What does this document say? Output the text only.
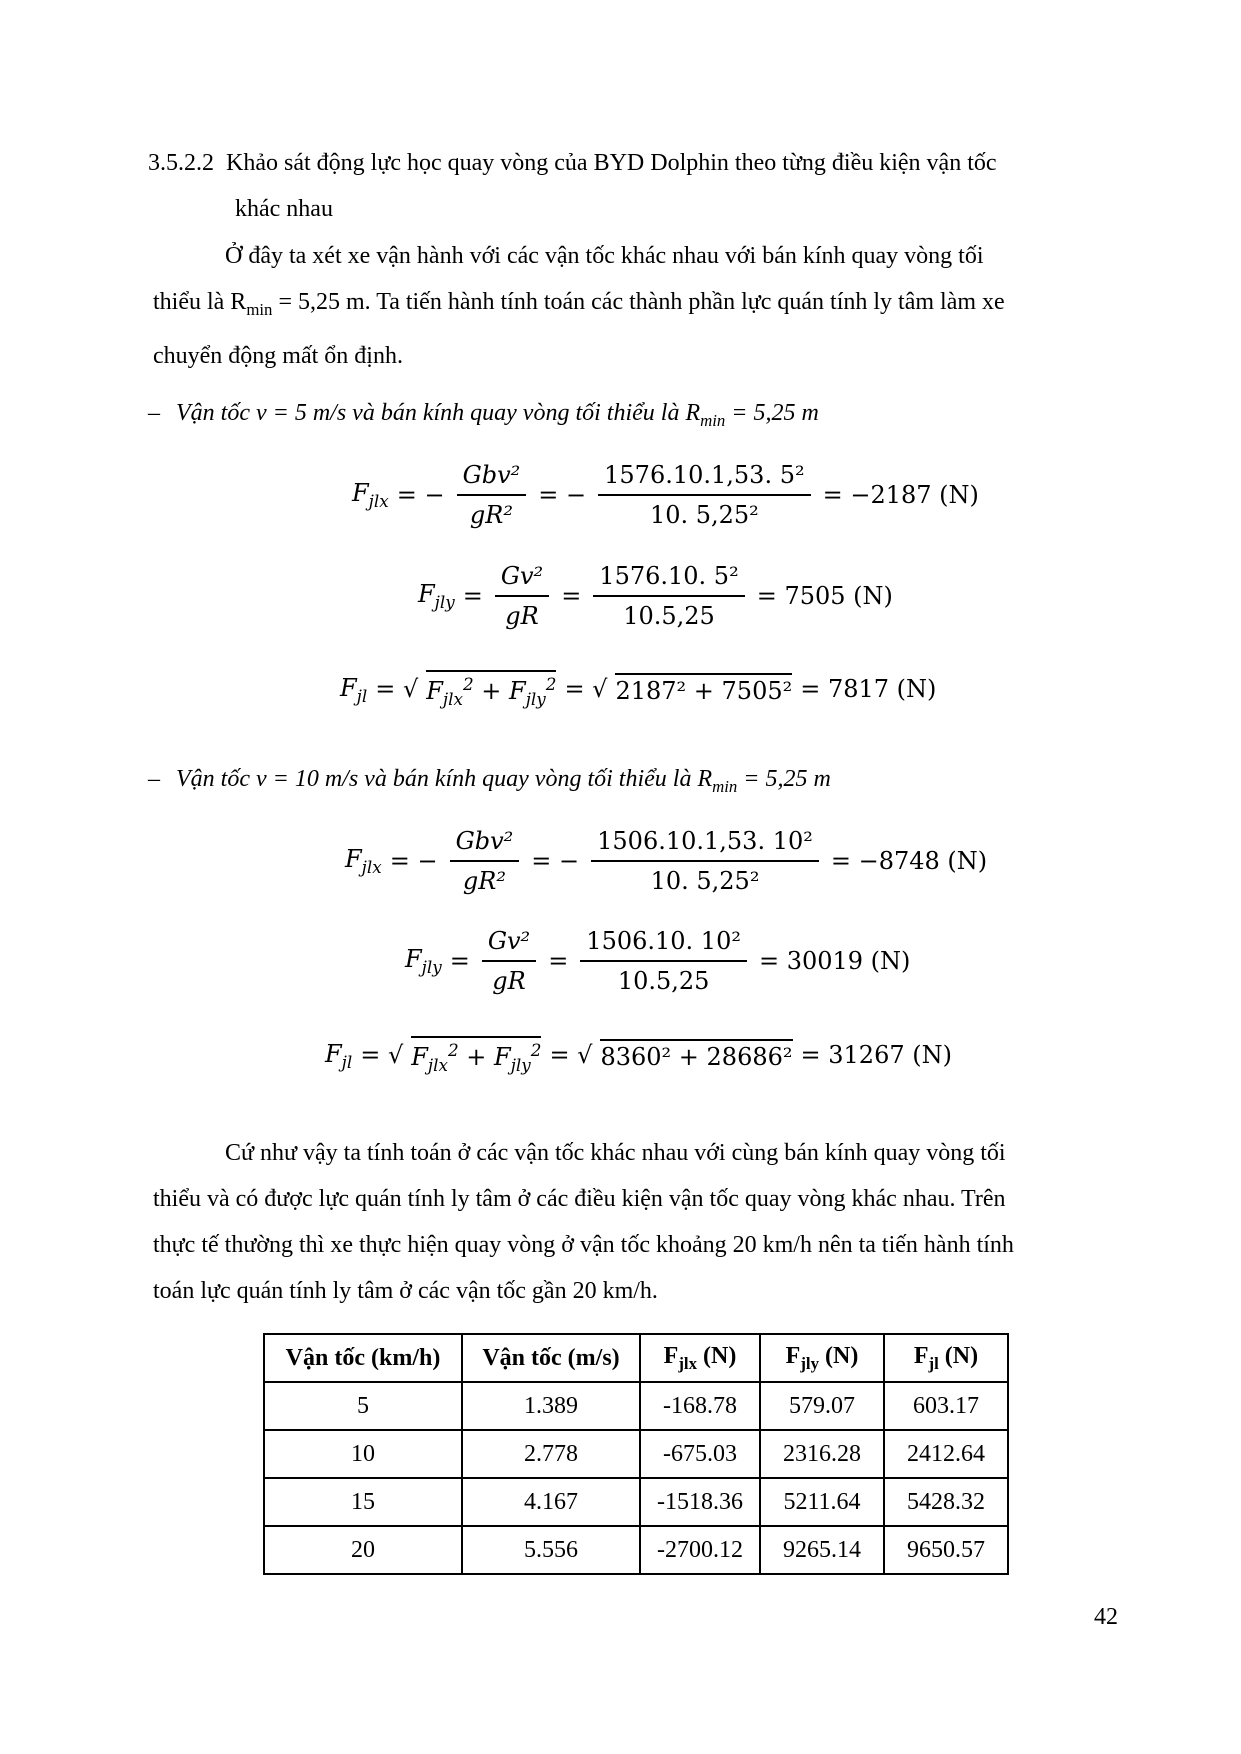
3.5.2.2 Khảo sát động lực học quay vòng của BYD Dolphin theo từng điều kiện vận tốc
khác nhau
Ở đây ta xét xe vận hành với các vận tốc khác nhau với bán kính quay vòng tối
thiểu là $R_{min} = 5,25$ m. Ta tiến hành tính toán các thành phần lực quán tính ly tâm làm xe
chuyển động mất ổn định.
– Vận tốc v = 5 m/s và bán kính quay vòng tối thiểu là $R_{min} = 5,25$ m
$F_{jlx}$ = − $\frac{\text{Gbv²}}{\text{gR²}}$ = − $\frac{\text{1576.10.1,53. 5²}}{\text{10. 5,25²}} = -2187$ (N)
$F_{jly} = \frac{\text{Gv²}}{gR} = \frac{\text{1576.10. 5²}}{10.5,25} = 7505$ (N)
$F_{jl}$ = √ $F_{jlx}^2 + F_{jly}^2$ = √ 2187² + 7505² = 7817 (N)
– Vận tốc v = 10 m/s và bán kính quay vòng tối thiểu là $R_{min} = 5,25$ m
$F_{jlx}$ = − $\frac{\text{Gbv²}}{\text{gR²}}$ = − $\frac{\text{1506.10.1,53. 10²}}{\text{10. 5,25²}} = -8748$ (N)
$F_{jly} = \frac{\text{Gv²}}{gR} = \frac{\text{1506.10. 10²}}{10.5,25} = 30019$ (N)
$F_{jl}$ = √ $F_{jlx}^2 + F_{jly}^2$ = √ 8360² + 28686² = 31267 (N)
Cứ như vậy ta tính toán ở các vận tốc khác nhau với cùng bán kính quay vòng tối
thiểu và có được lực quán tính ly tâm ở các điều kiện vận tốc quay vòng khác nhau. Trên
thực tế thường thì xe thực hiện quay vòng ở vận tốc khoảng 20 km/h nên ta tiến hành tính
toán lực quán tính ly tâm ở các vận tốc gần 20 km/h.
Vận tốc (km/h)	Vận tốc (m/s)	$F_{jlx}$ (N)	$F_{jly}$ (N)	$F_{jl}$ (N)
5	1.389	-168.78	579.07	603.17
10	2.778	-675.03	2316.28	2412.64
15	4.167	-1518.36	5211.64	5428.32
20	5.556	-2700.12	9265.14	9650.57
42
